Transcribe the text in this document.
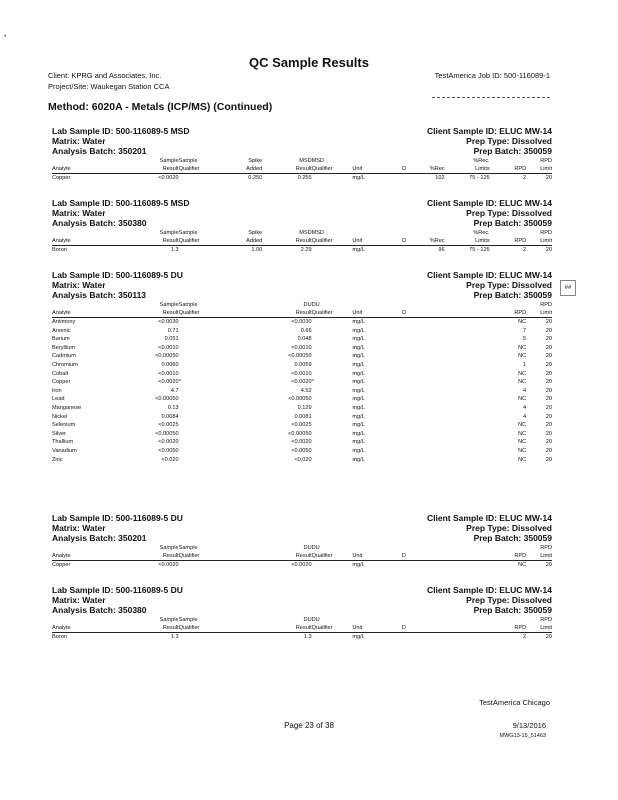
*
QC Sample Results
Client: KPRG and Associates, Inc.
Project/Site: Waukegan Station CCA
TestAmerica Job ID: 500-116089-1
Method: 6020A - Metals (ICP/MS) (Continued)
##
Lab Sample ID: 500-116089-5 MSD	Client Sample ID: ELUC MW-14
Matrix: Water	Prep Type: Dissolved
Analysis Batch: 350201	Prep Batch: 350059
	Sample	Sample	Spike	MSD	MSD				%Rec.		RPD
Analyte	Result	Qualifier	Added	Result	Qualifier	Unit	D	%Rec	Limits	RPD	Limit
Copper	<0.0020		0.250	0.255		mg/L		102	75 - 125	2	20
Lab Sample ID: 500-116089-5 MSD	Client Sample ID: ELUC MW-14
Matrix: Water	Prep Type: Dissolved
Analysis Batch: 350380	Prep Batch: 350059
	Sample	Sample	Spike	MSD	MSD				%Rec.		RPD
Analyte	Result	Qualifier	Added	Result	Qualifier	Unit	D	%Rec	Limits	RPD	Limit
Boron	1.3		1.00	2.29		mg/L		96	75 - 125	2	20
Lab Sample ID: 500-116089-5 DU	Client Sample ID: ELUC MW-14
Matrix: Water	Prep Type: Dissolved
Analysis Batch: 350113	Prep Batch: 350059
	Sample	Sample		DU	DU						RPD
Analyte	Result	Qualifier		Result	Qualifier	Unit	D			RPD	Limit
Antimony	<0.0030			<0.0030		mg/L				NC	20
Arsenic	0.71			0.66		mg/L				7	20
Barium	0.051			0.048		mg/L				5	20
Beryllium	<0.0010			<0.0010		mg/L				NC	20
Cadmium	<0.00050			<0.00050		mg/L				NC	20
Chromium	0.0060			0.0059		mg/L				1	20
Cobalt	<0.0010			<0.0010		mg/L				NC	20
Copper	<0.0020	^		<0.0020	^	mg/L				NC	20
Iron	4.7			4.52		mg/L				4	20
Lead	<0.00050			<0.00050		mg/L				NC	20
Manganese	0.13			0.129		mg/L				4	20
Nickel	0.0084			0.0081		mg/L				4	20
Selenium	<0.0025			<0.0025		mg/L				NC	20
Silver	<0.00050			<0.00050		mg/L				NC	20
Thallium	<0.0020			<0.0020		mg/L				NC	20
Vanadium	<0.0050			<0.0050		mg/L				NC	20
Zinc	<0.020			<0.020		mg/L				NC	20
Lab Sample ID: 500-116089-5 DU	Client Sample ID: ELUC MW-14
Matrix: Water	Prep Type: Dissolved
Analysis Batch: 350201	Prep Batch: 350059
	Sample	Sample		DU	DU						RPD
Analyte	Result	Qualifier		Result	Qualifier	Unit	D			RPD	Limit
Copper	<0.0020			<0.0020		mg/L				NC	20
Lab Sample ID: 500-116089-5 DU	Client Sample ID: ELUC MW-14
Matrix: Water	Prep Type: Dissolved
Analysis Batch: 350380	Prep Batch: 350059
	Sample	Sample		DU	DU						RPD
Analyte	Result	Qualifier		Result	Qualifier	Unit	D			RPD	Limit
Boron	1.3			1.3		mg/L				2	20
TestAmerica Chicago
Page 23 of 38	9/13/2016
MWG13-15_51463
